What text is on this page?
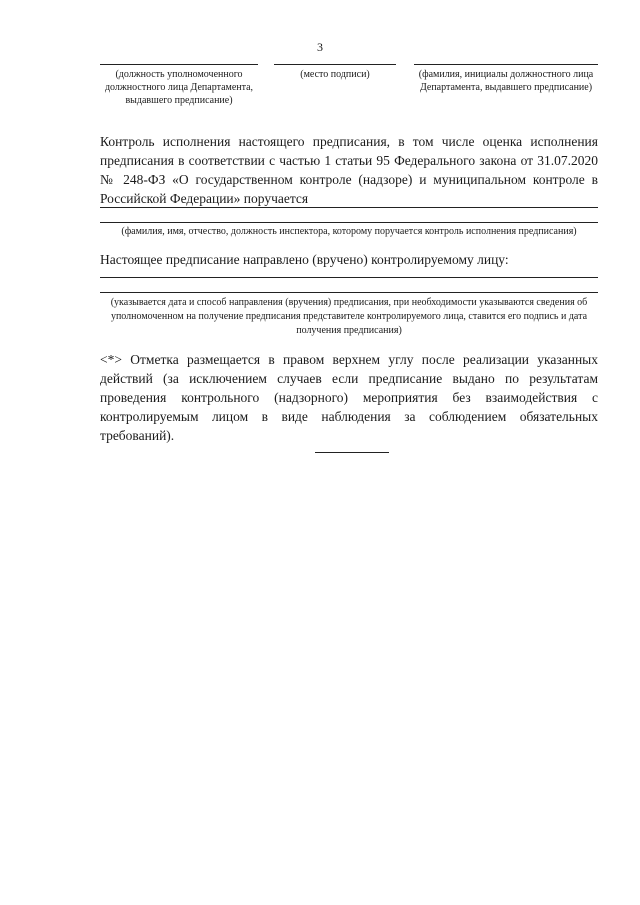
3
(должность уполномоченного должностного лица Департамента, выдавшего предписание)
(место подписи)	(фамилия, инициалы должностного лица Департамента, выдавшего предписание)
Контроль исполнения настоящего предписания, в том числе оценка исполнения предписания в соответствии с частью 1 статьи 95 Федерального закона от 31.07.2020 № 248-ФЗ «О государственном контроле (надзоре) и муниципальном контроле в Российской Федерации» поручается
(фамилия, имя, отчество, должность инспектора, которому поручается контроль исполнения предписания)
Настоящее предписание направлено (вручено) контролируемому лицу:
(указывается дата и способ направления (вручения) предписания, при необходимости указываются сведения об уполномоченном на получение предписания представителе контролируемого лица, ставится его подпись и дата получения предписания)
<*> Отметка размещается в правом верхнем углу после реализации указанных действий (за исключением случаев если предписание выдано по результатам проведения контрольного (надзорного) мероприятия без взаимодействия с контролируемым лицом в виде наблюдения за соблюдением обязательных требований).
